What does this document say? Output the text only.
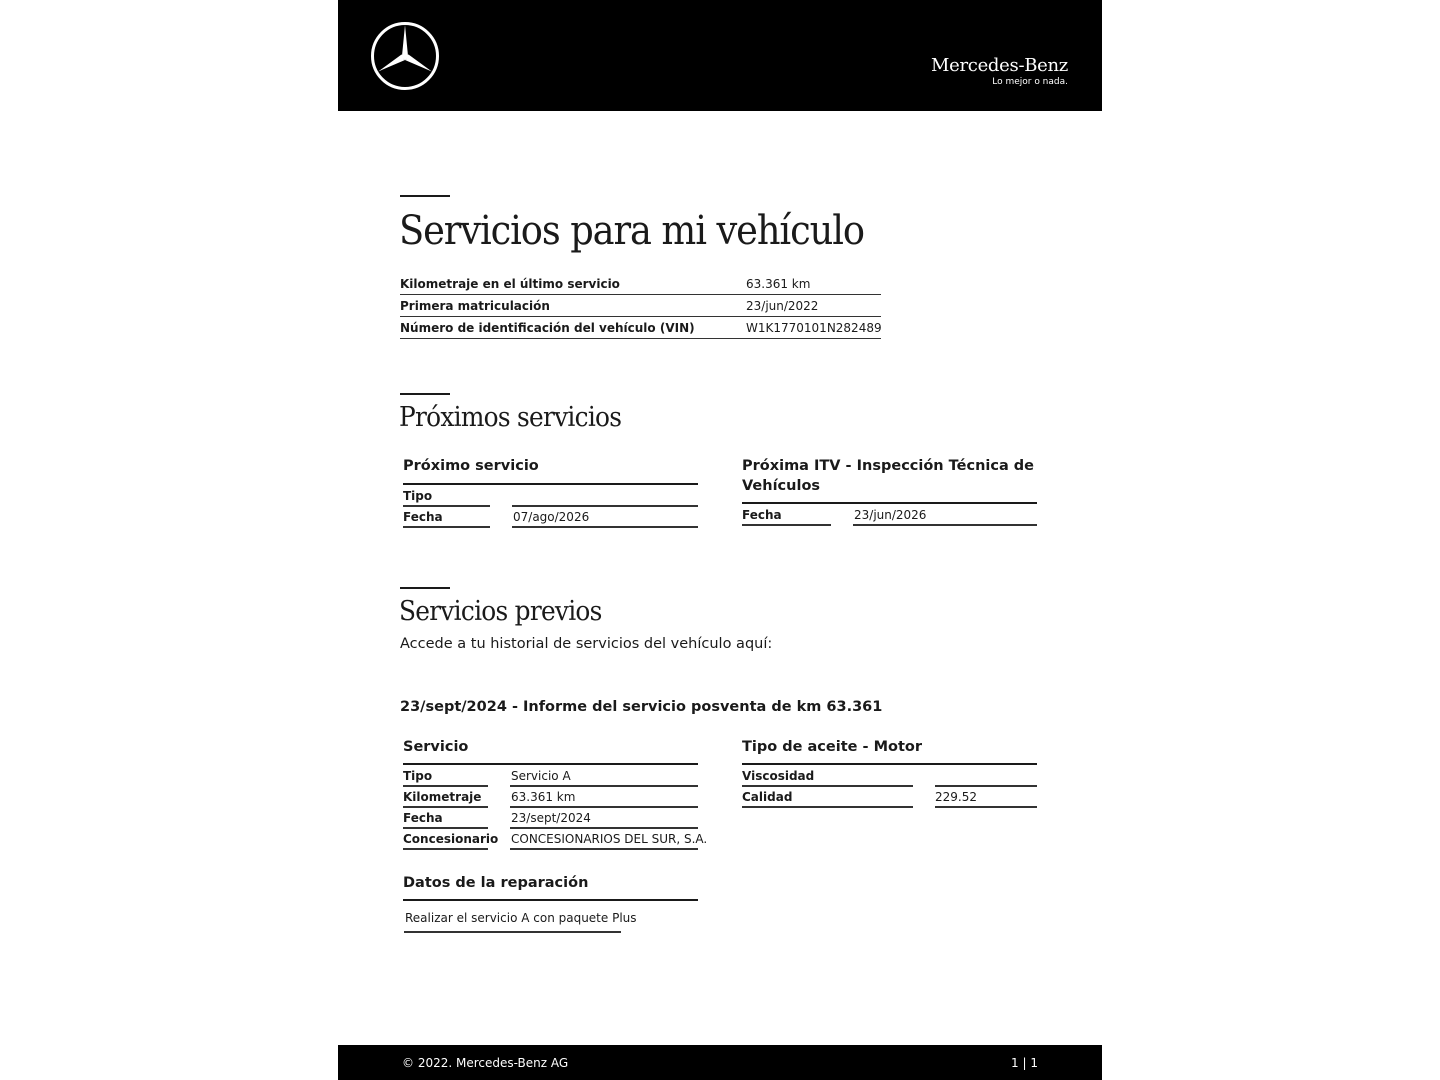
Mercedes-Benz
Lo mejor o nada.
Servicios para mi vehículo
Kilometraje en el último servicio	63.361 km
Primera matriculación	23/jun/2022
Número de identificación del vehículo (VIN)	W1K1770101N282489
Próximos servicios
Próximo servicio
Tipo
Fecha	07/ago/2026
Próxima ITV - Inspección Técnica de
Vehículos
Fecha	23/jun/2026
Servicios previos
Accede a tu historial de servicios del vehículo aquí:
23/sept/2024 - Informe del servicio posventa de km 63.361
Servicio
Tipo	Servicio A
Kilometraje 63.361 km
Fecha	23/sept/2024
Concesionario CONCESIONARIOS DEL SUR, S.A.
Tipo de aceite - Motor
Viscosidad
Calidad	229.52
Datos de la reparación
Realizar el servicio A con paquete Plus
© 2022. Mercedes-Benz AG	1 | 1
